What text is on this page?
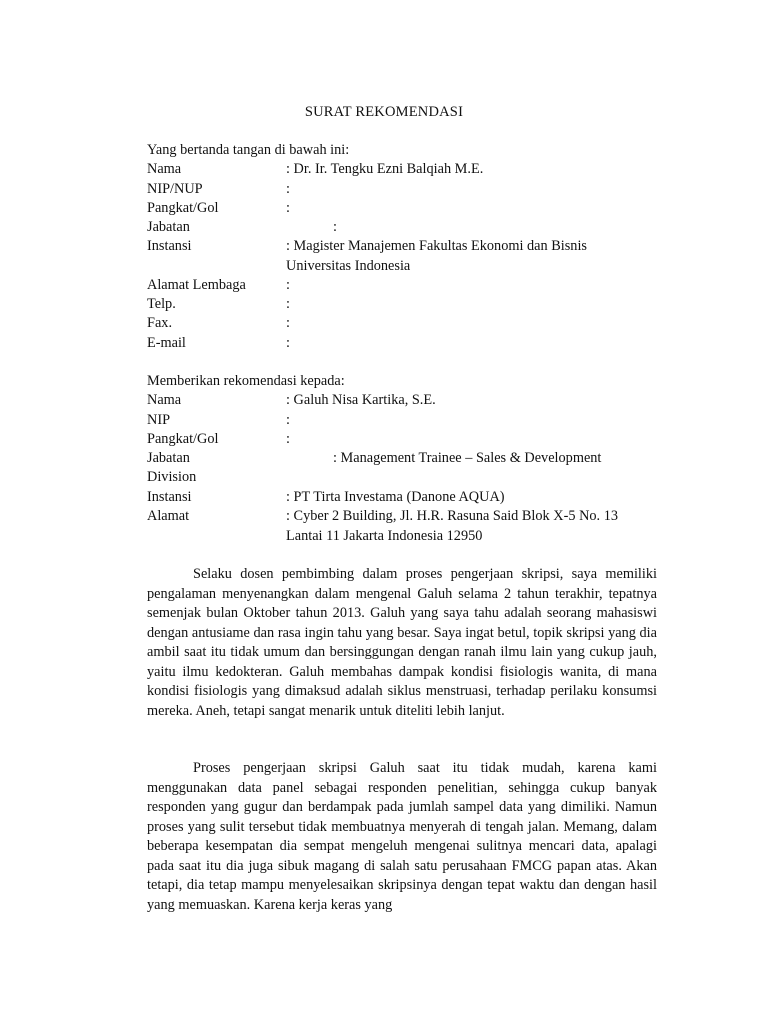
SURAT REKOMENDASI
Yang bertanda tangan di bawah ini:
Nama	: Dr. Ir. Tengku Ezni Balqiah M.E.
NIP/NUP	:
Pangkat/Gol	:
Jabatan	:
Instansi	: Magister Manajemen Fakultas Ekonomi dan Bisnis
Universitas Indonesia
Alamat Lembaga	:
Telp.	:
Fax.	:
E-mail	:
Memberikan rekomendasi kepada:
Nama	: Galuh Nisa Kartika, S.E.
NIP	:
Pangkat/Gol	:
Jabatan	: Management Trainee – Sales & Development
Division
Instansi	: PT Tirta Investama (Danone AQUA)
Alamat	: Cyber 2 Building, Jl. H.R. Rasuna Said Blok X-5 No. 13
Lantai 11 Jakarta Indonesia 12950
Selaku dosen pembimbing dalam proses pengerjaan skripsi, saya memiliki pengalaman menyenangkan dalam mengenal Galuh selama 2 tahun terakhir, tepatnya semenjak bulan Oktober tahun 2013. Galuh yang saya tahu adalah seorang mahasiswi dengan antusiame dan rasa ingin tahu yang besar. Saya ingat betul, topik skripsi yang dia ambil saat itu tidak umum dan bersinggungan dengan ranah ilmu lain yang cukup jauh, yaitu ilmu kedokteran. Galuh membahas dampak kondisi fisiologis wanita, di mana kondisi fisiologis yang dimaksud adalah siklus menstruasi, terhadap perilaku konsumsi mereka. Aneh, tetapi sangat menarik untuk diteliti lebih lanjut.
Proses pengerjaan skripsi Galuh saat itu tidak mudah, karena kami menggunakan data panel sebagai responden penelitian, sehingga cukup banyak responden yang gugur dan berdampak pada jumlah sampel data yang dimiliki. Namun proses yang sulit tersebut tidak membuatnya menyerah di tengah jalan. Memang, dalam beberapa kesempatan dia sempat mengeluh mengenai sulitnya mencari data, apalagi pada saat itu dia juga sibuk magang di salah satu perusahaan FMCG papan atas. Akan tetapi, dia tetap mampu menyelesaikan skripsinya dengan tepat waktu dan dengan hasil yang memuaskan. Karena kerja keras yang
